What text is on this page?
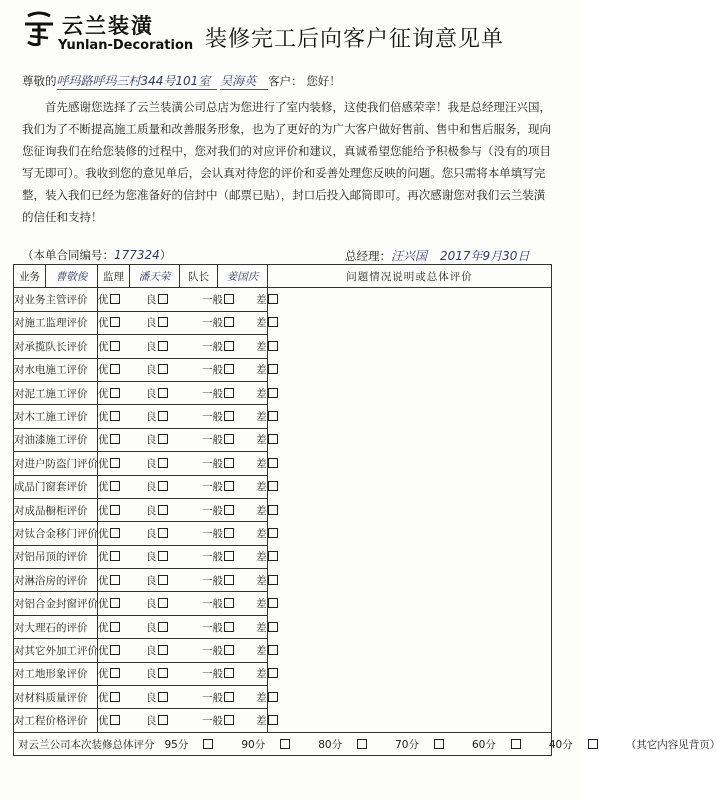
云兰装潢
Yunlan-Decoration 装修完工后向客户征询意见单
尊敬的呼玛路呼玛三村344号101室 吴海英 客户： 您好！
首先感谢您选择了云兰装潢公司总店为您进行了室内装修，这使我们倍感荣幸！我是总经理汪兴国，我们为了不断提高施工质量和改善服务形象，也为了更好的为广大客户做好售前、售中和售后服务，现向您征询我们在给您装修的过程中，您对我们的对应评价和建议，真诚希望您能给予积极参与（没有的项目写无即可）。我收到您的意见单后，会认真对待您的评价和妥善处理您反映的问题。您只需将本单填写完整，装入我们已经为您准备好的信封中（邮票已贴），封口后投入邮筒即可。再次感谢您对我们云兰装潢的信任和支持！
（本单合同编号：177324）	总经理：汪兴国 2017年9月30日
业务	曹敬俊	监理	潘天荣	队长	姜国庆	问题情况说明或总体评价
对业务主管评价		优 良 一般 差				
对施工监理评价		优 良 一般 差				
对承揽队长评价		优 良 一般 差				
对水电施工评价		优 良 一般 差				
对泥工施工评价		优 良 一般 差				
对木工施工评价		优 良 一般 差				
对油漆施工评价		优 良 一般 差				
对进户防盗门评价		优 良 一般 差				
成品门窗套评价		优 良 一般 差				
对成品橱柜评价		优 良 一般 差				
对钛合金移门评价		优 良 一般 差				
对铝吊顶的评价		优 良 一般 差				
对淋浴房的评价		优 良 一般 差				
对铝合金封窗评价		优 良 一般 差				
对大理石的评价		优 良 一般 差				
对其它外加工评价		优 良 一般 差				
对工地形象评价		优 良 一般 差				
对材料质量评价		优 良 一般 差				
对工程价格评价		优 良 一般 差				
对云兰公司本次装修总体评分 95分 90分 80分 70分 60分 40分 （其它内容见背页）						
